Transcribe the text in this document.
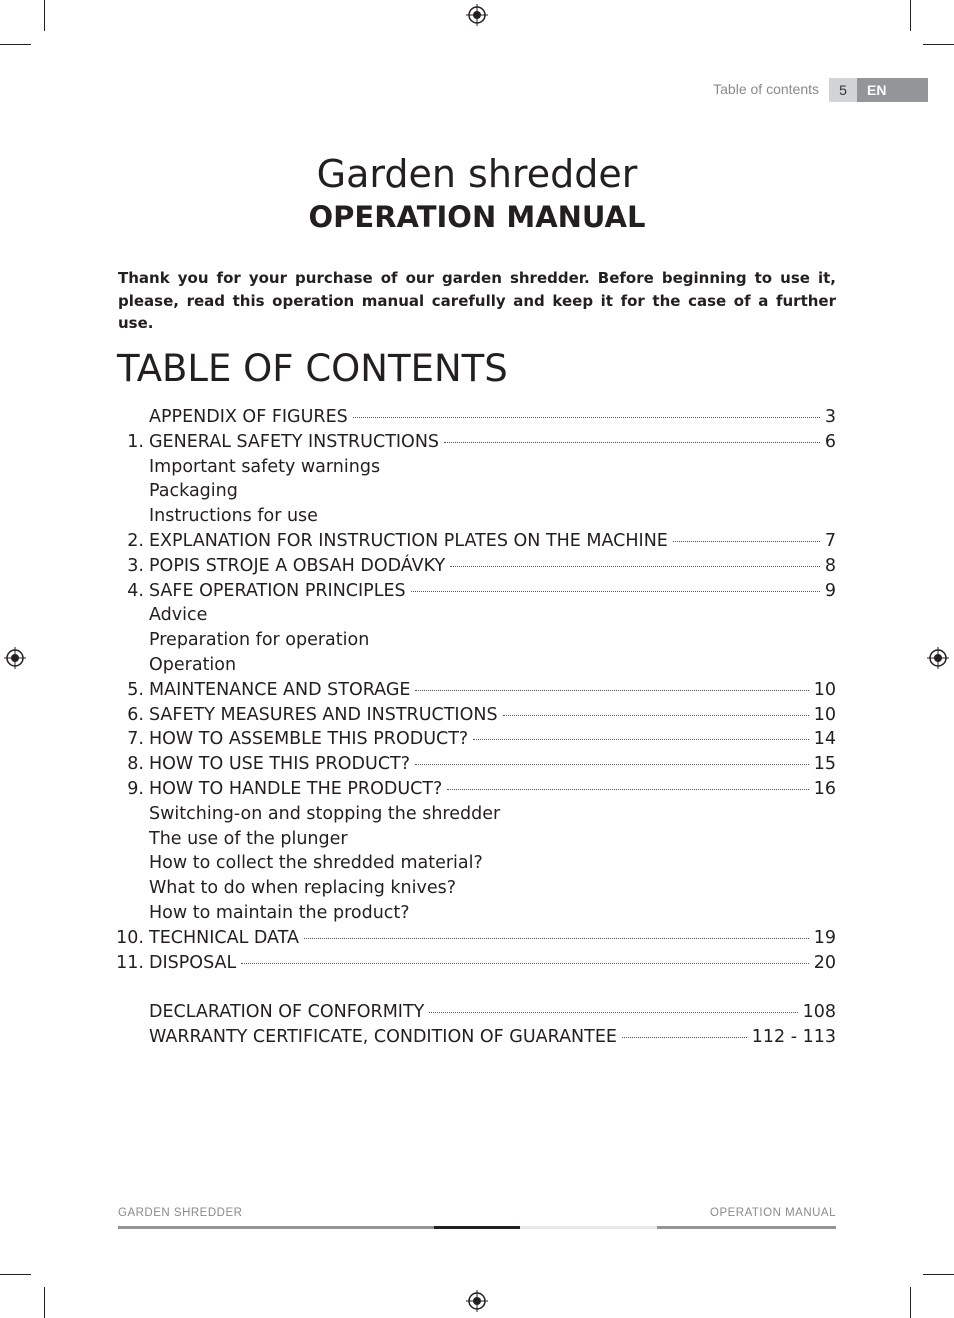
Table of contents	5	EN
Garden shredder
OPERATION MANUAL
Thank you for your purchase of our garden shredder. Before beginning to use it, please, read this operation manual carefully and keep it for the case of a further use.
TABLE OF CONTENTS
APPENDIX OF FIGURES	3
1. GENERAL SAFETY INSTRUCTIONS	6
Important safety warnings
Packaging
Instructions for use
2. EXPLANATION FOR INSTRUCTION PLATES ON THE MACHINE	7
3. POPIS STROJE A OBSAH DODÁVKY	8
4. SAFE OPERATION PRINCIPLES	9
Advice
Preparation for operation
Operation
5. MAINTENANCE AND STORAGE	10
6. SAFETY MEASURES AND INSTRUCTIONS	10
7. HOW TO ASSEMBLE THIS PRODUCT?	14
8. HOW TO USE THIS PRODUCT?	15
9. HOW TO HANDLE THE PRODUCT?	16
Switching-on and stopping the shredder
The use of the plunger
How to collect the shredded material?
What to do when replacing knives?
How to maintain the product?
10. TECHNICAL DATA	19
11. DISPOSAL	20
DECLARATION OF CONFORMITY	108
WARRANTY CERTIFICATE, CONDITION OF GUARANTEE	112 - 113
GARDEN SHREDDER	OPERATION MANUAL
